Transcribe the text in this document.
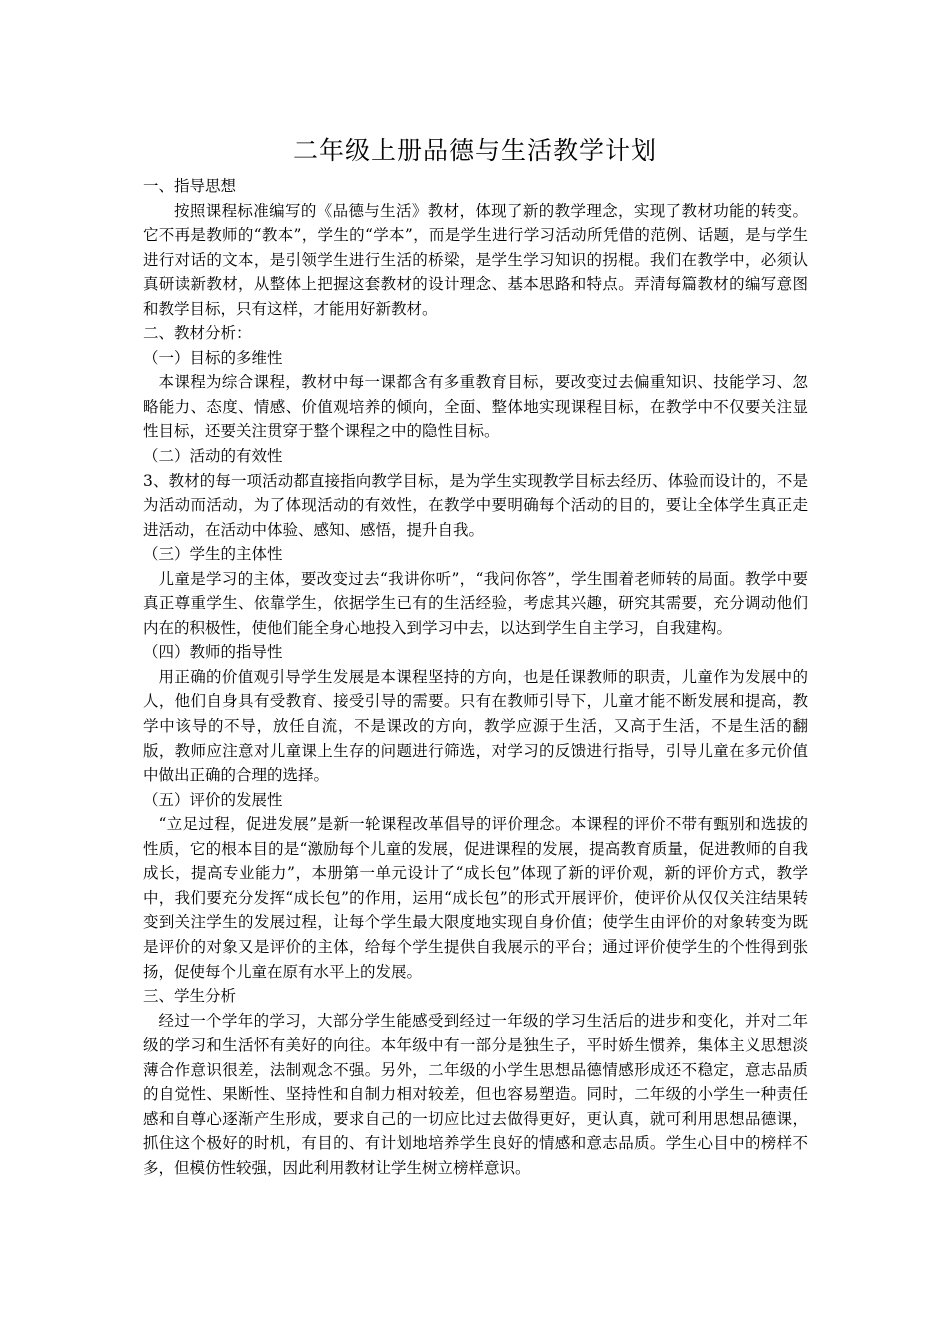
二年级上册品德与生活教学计划
一、指导思想
按照课程标准编写的《品德与生活》教材，体现了新的教学理念，实现了教材功能的转变。它不再是教师的“教本”，学生的“学本”，而是学生进行学习活动所凭借的范例、话题，是与学生进行对话的文本，是引领学生进行生活的桥梁，是学生学习知识的拐棍。我们在教学中，必须认真研读新教材，从整体上把握这套教材的设计理念、基本思路和特点。弄清每篇教材的编写意图和教学目标，只有这样，才能用好新教材。
二、教材分析：
（一）目标的多维性
本课程为综合课程，教材中每一课都含有多重教育目标，要改变过去偏重知识、技能学习、忽略能力、态度、情感、价值观培养的倾向，全面、整体地实现课程目标，在教学中不仅要关注显性目标，还要关注贯穿于整个课程之中的隐性目标。
（二）活动的有效性
3、教材的每一项活动都直接指向教学目标，是为学生实现教学目标去经历、体验而设计的，不是为活动而活动，为了体现活动的有效性，在教学中要明确每个活动的目的，要让全体学生真正走进活动，在活动中体验、感知、感悟，提升自我。
（三）学生的主体性
儿童是学习的主体，要改变过去“我讲你听”，“我问你答”，学生围着老师转的局面。教学中要真正尊重学生、依靠学生，依据学生已有的生活经验，考虑其兴趣，研究其需要，充分调动他们内在的积极性，使他们能全身心地投入到学习中去，以达到学生自主学习，自我建构。
（四）教师的指导性
用正确的价值观引导学生发展是本课程坚持的方向，也是任课教师的职责，儿童作为发展中的人，他们自身具有受教育、接受引导的需要。只有在教师引导下，儿童才能不断发展和提高，教学中该导的不导，放任自流，不是课改的方向，教学应源于生活，又高于生活，不是生活的翻版，教师应注意对儿童课上生存的问题进行筛选，对学习的反馈进行指导，引导儿童在多元价值中做出正确的合理的选择。
（五）评价的发展性
“立足过程，促进发展”是新一轮课程改革倡导的评价理念。本课程的评价不带有甄别和选拔的性质，它的根本目的是“激励每个儿童的发展，促进课程的发展，提高教育质量，促进教师的自我成长，提高专业能力”，本册第一单元设计了“成长包”体现了新的评价观，新的评价方式，教学中，我们要充分发挥“成长包”的作用，运用“成长包”的形式开展评价，使评价从仅仅关注结果转变到关注学生的发展过程，让每个学生最大限度地实现自身价值；使学生由评价的对象转变为既是评价的对象又是评价的主体，给每个学生提供自我展示的平台；通过评价使学生的个性得到张扬，促使每个儿童在原有水平上的发展。
三、学生分析
经过一个学年的学习，大部分学生能感受到经过一年级的学习生活后的进步和变化，并对二年级的学习和生活怀有美好的向往。本年级中有一部分是独生子，平时娇生惯养，集体主义思想淡薄合作意识很差，法制观念不强。另外，二年级的小学生思想品德情感形成还不稳定，意志品质的自觉性、果断性、坚持性和自制力相对较差，但也容易塑造。同时，二年级的小学生一种责任感和自尊心逐渐产生形成，要求自己的一切应比过去做得更好，更认真，就可利用思想品德课，抓住这个极好的时机，有目的、有计划地培养学生良好的情感和意志品质。学生心目中的榜样不多，但模仿性较强，因此利用教材让学生树立榜样意识。
